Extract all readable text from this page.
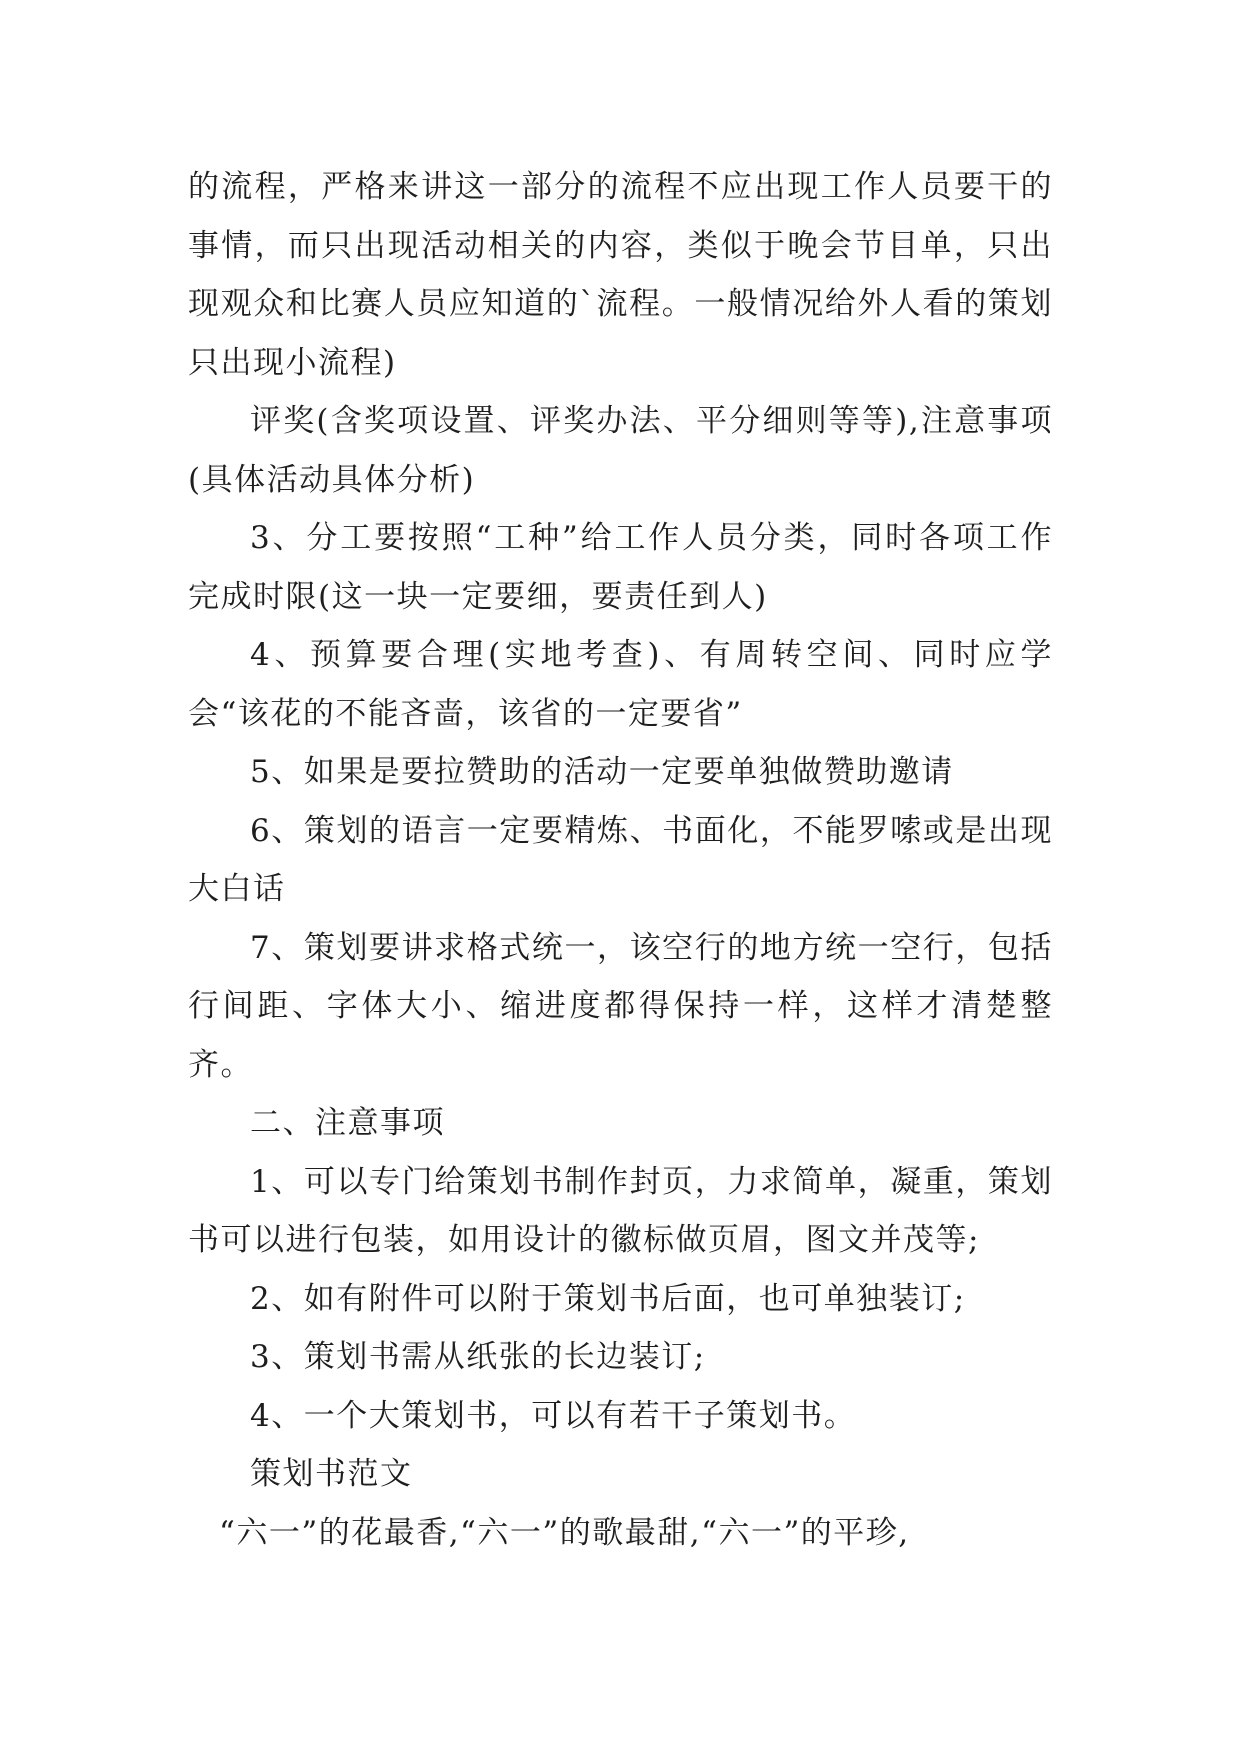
的流程，严格来讲这一部分的流程不应出现工作人员要干的事情，而只出现活动相关的内容，类似于晚会节目单，只出现观众和比赛人员应知道的`流程。一般情况给外人看的策划只出现小流程)

评奖(含奖项设置、评奖办法、平分细则等等),注意事项(具体活动具体分析)

3、分工要按照“工种”给工作人员分类，同时各项工作完成时限(这一块一定要细，要责任到人)

4、预算要合理(实地考查)、有周转空间、同时应学会“该花的不能吝啬，该省的一定要省”

5、如果是要拉赞助的活动一定要单独做赞助邀请

6、策划的语言一定要精炼、书面化，不能罗嗦或是出现大白话

7、策划要讲求格式统一，该空行的地方统一空行，包括行间距、字体大小、缩进度都得保持一样，这样才清楚整齐。

二、注意事项

1、可以专门给策划书制作封页，力求简单，凝重，策划书可以进行包装，如用设计的徽标做页眉，图文并茂等;

2、如有附件可以附于策划书后面，也可单独装订;

3、策划书需从纸张的长边装订;

4、一个大策划书，可以有若干子策划书。

策划书范文

“六一”的花最香,“六一”的歌最甜,“六一”的平珍,
